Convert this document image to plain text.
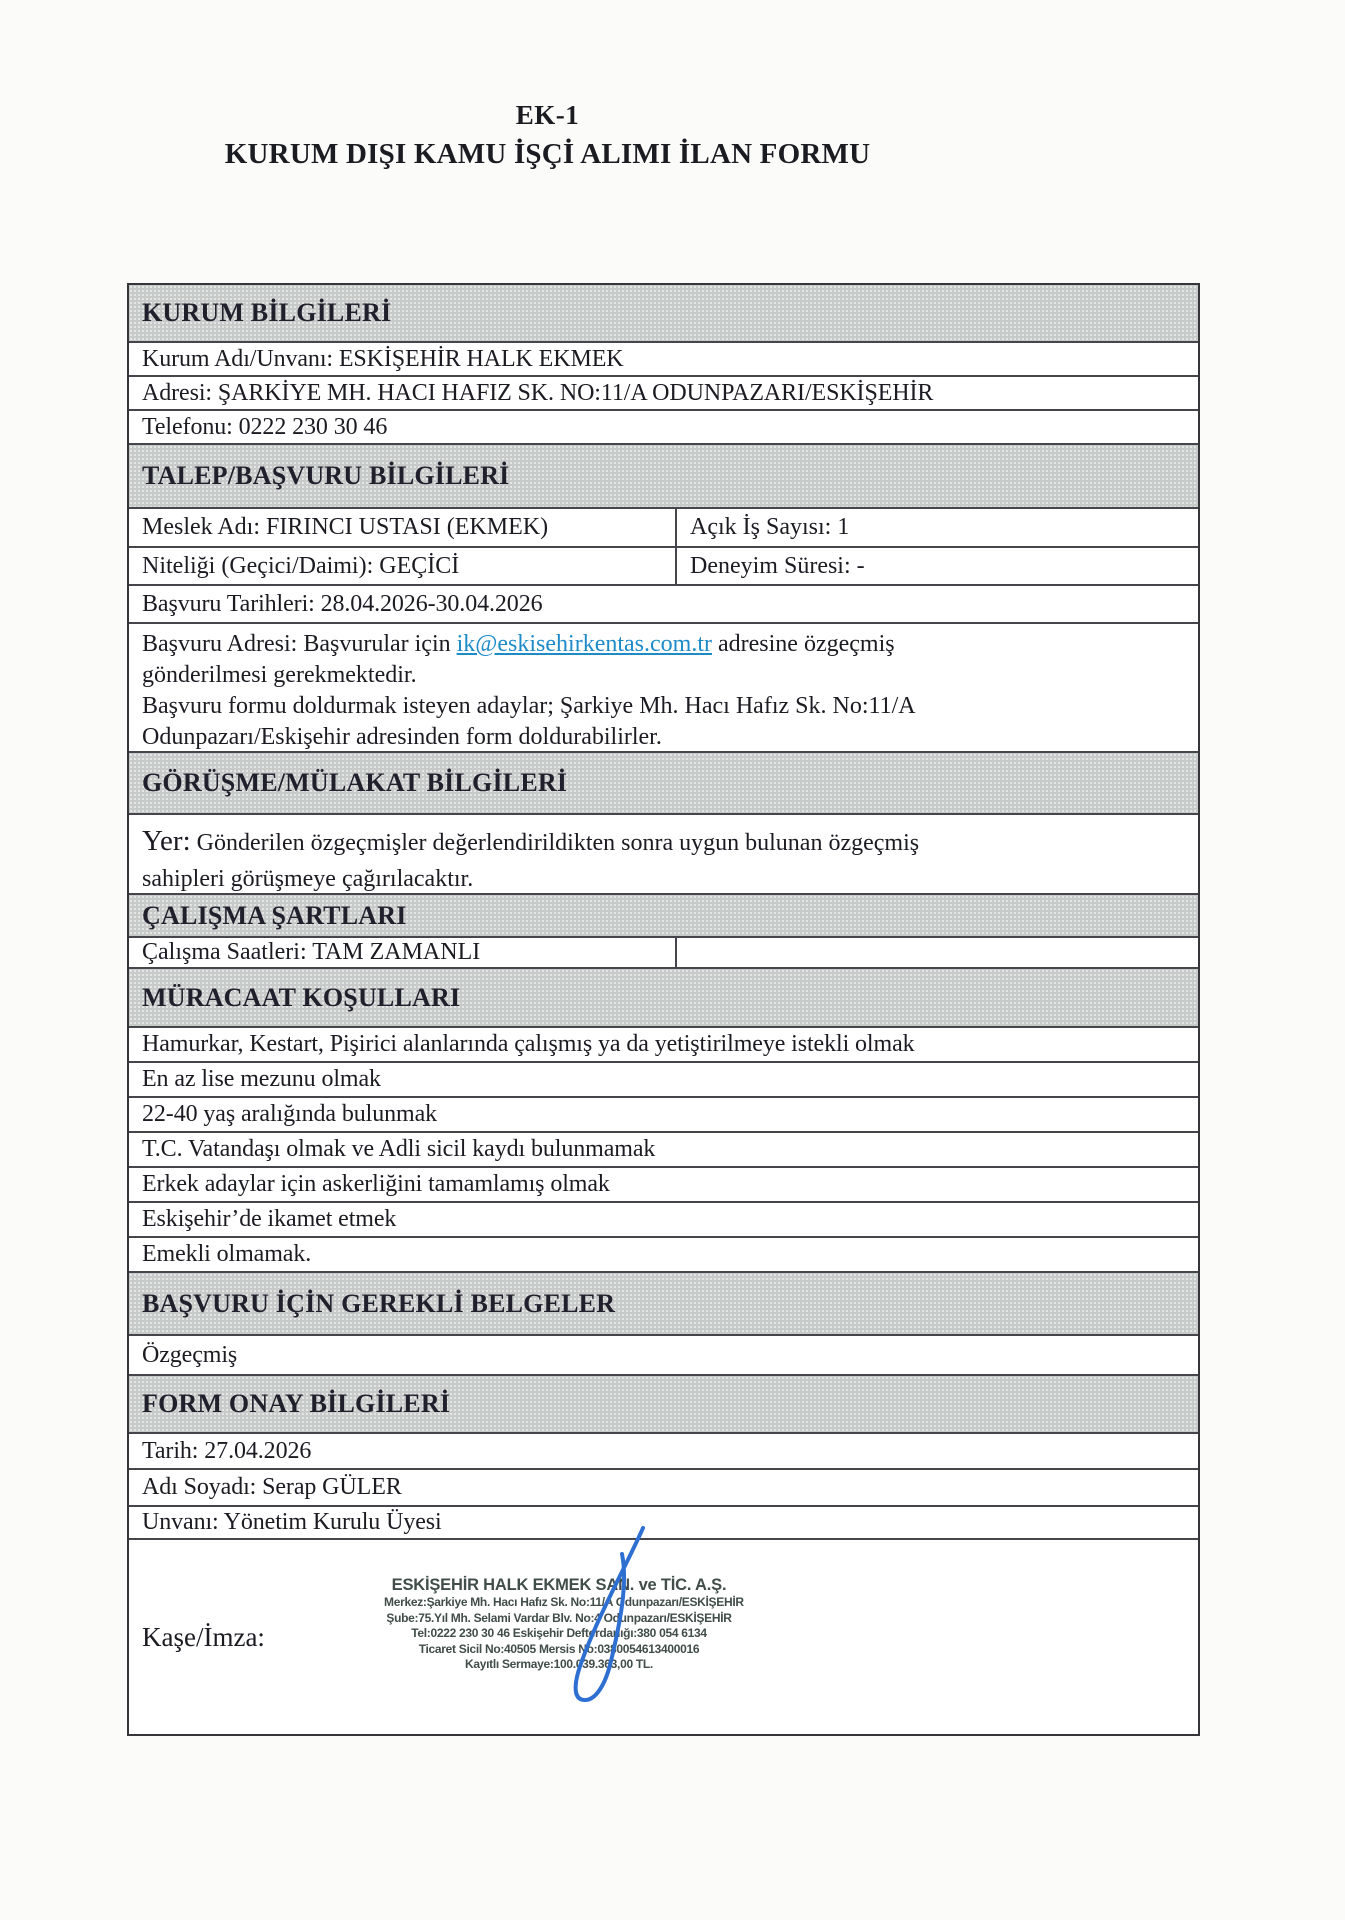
EK-1
KURUM DIŞI KAMU İŞÇİ ALIMI İLAN FORMU
KURUM BİLGİLERİ
Kurum Adı/Unvanı: ESKİŞEHİR HALK EKMEK
Adresi: ŞARKİYE MH. HACI HAFIZ SK. NO:11/A ODUNPAZARI/ESKİŞEHİR
Telefonu: 0222 230 30 46
TALEP/BAŞVURU BİLGİLERİ
Meslek Adı: FIRINCI USTASI (EKMEK)	Açık İş Sayısı: 1
Niteliği (Geçici/Daimi): GEÇİCİ	Deneyim Süresi: -
Başvuru Tarihleri: 28.04.2026-30.04.2026
Başvuru Adresi: Başvurular için ik@eskisehirkentas.com.tr adresine özgeçmiş
gönderilmesi gerekmektedir.
Başvuru formu doldurmak isteyen adaylar; Şarkiye Mh. Hacı Hafız Sk. No:11/A
Odunpazarı/Eskişehir adresinden form doldurabilirler.
GÖRÜŞME/MÜLAKAT BİLGİLERİ
Yer: Gönderilen özgeçmişler değerlendirildikten sonra uygun bulunan özgeçmiş
sahipleri görüşmeye çağırılacaktır.
ÇALIŞMA ŞARTLARI
Çalışma Saatleri: TAM ZAMANLI
MÜRACAAT KOŞULLARI
Hamurkar, Kestart, Pişirici alanlarında çalışmış ya da yetiştirilmeye istekli olmak
En az lise mezunu olmak
22-40 yaş aralığında bulunmak
T.C. Vatandaşı olmak ve Adli sicil kaydı bulunmamak
Erkek adaylar için askerliğini tamamlamış olmak
Eskişehir’de ikamet etmek
Emekli olmamak.
BAŞVURU İÇİN GEREKLİ BELGELER
Özgeçmiş
FORM ONAY BİLGİLERİ
Tarih: 27.04.2026
Adı Soyadı: Serap GÜLER
Unvanı: Yönetim Kurulu Üyesi
Kaşe/İmza:
ESKİŞEHİR HALK EKMEK SAN. ve TİC. A.Ş.
Merkez:Şarkiye Mh. Hacı Hafız Sk. No:11/A Odunpazarı/ESKİŞEHİR
Şube:75.Yıl Mh. Selami Vardar Blv. No:4 Odunpazarı/ESKİŞEHİR
Tel:0222 230 30 46 Eskişehir Defterdarlığı:380 054 6134
Ticaret Sicil No:40505 Mersis No:0380054613400016
Kayıtlı Sermaye:100.039.363,00 TL.
